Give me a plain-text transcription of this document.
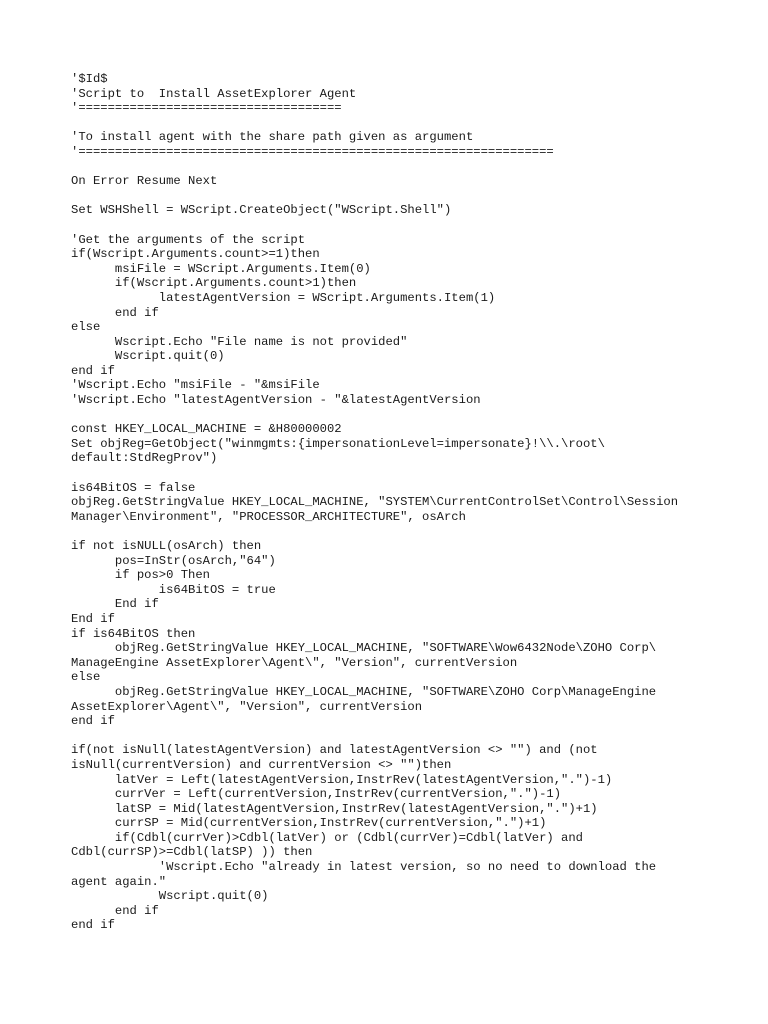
'$Id$
'Script to  Install AssetExplorer Agent
'====================================
'To install agent with the share path given as argument
'=================================================================
On Error Resume Next
Set WSHShell = WScript.CreateObject("WScript.Shell")
'Get the arguments of the script
if(Wscript.Arguments.count>=1)then
msiFile = WScript.Arguments.Item(0)
if(Wscript.Arguments.count>1)then
latestAgentVersion = WScript.Arguments.Item(1)
end if
else
Wscript.Echo "File name is not provided"
Wscript.quit(0)
end if
'Wscript.Echo "msiFile - "&msiFile
'Wscript.Echo "latestAgentVersion - "&latestAgentVersion
const HKEY_LOCAL_MACHINE = &H80000002
Set objReg=GetObject("winmgmts:{impersonationLevel=impersonate}!\\.\root\
default:StdRegProv")
is64BitOS = false
objReg.GetStringValue HKEY_LOCAL_MACHINE, "SYSTEM\CurrentControlSet\Control\Session
Manager\Environment", "PROCESSOR_ARCHITECTURE", osArch
if not isNULL(osArch) then
pos=InStr(osArch,"64")
if pos>0 Then
is64BitOS = true
End if
End if
if is64BitOS then
objReg.GetStringValue HKEY_LOCAL_MACHINE, "SOFTWARE\Wow6432Node\ZOHO Corp\
ManageEngine AssetExplorer\Agent\", "Version", currentVersion
else
objReg.GetStringValue HKEY_LOCAL_MACHINE, "SOFTWARE\ZOHO Corp\ManageEngine
AssetExplorer\Agent\", "Version", currentVersion
end if
if(not isNull(latestAgentVersion) and latestAgentVersion <> "") and (not
isNull(currentVersion) and currentVersion <> "")then
latVer = Left(latestAgentVersion,InstrRev(latestAgentVersion,".")-1)
currVer = Left(currentVersion,InstrRev(currentVersion,".")-1)
latSP = Mid(latestAgentVersion,InstrRev(latestAgentVersion,".")+1)
currSP = Mid(currentVersion,InstrRev(currentVersion,".")+1)
if(Cdbl(currVer)>Cdbl(latVer) or (Cdbl(currVer)=Cdbl(latVer) and
Cdbl(currSP)>=Cdbl(latSP) )) then
'Wscript.Echo "already in latest version, so no need to download the
agent again."
Wscript.quit(0)
end if
end if
